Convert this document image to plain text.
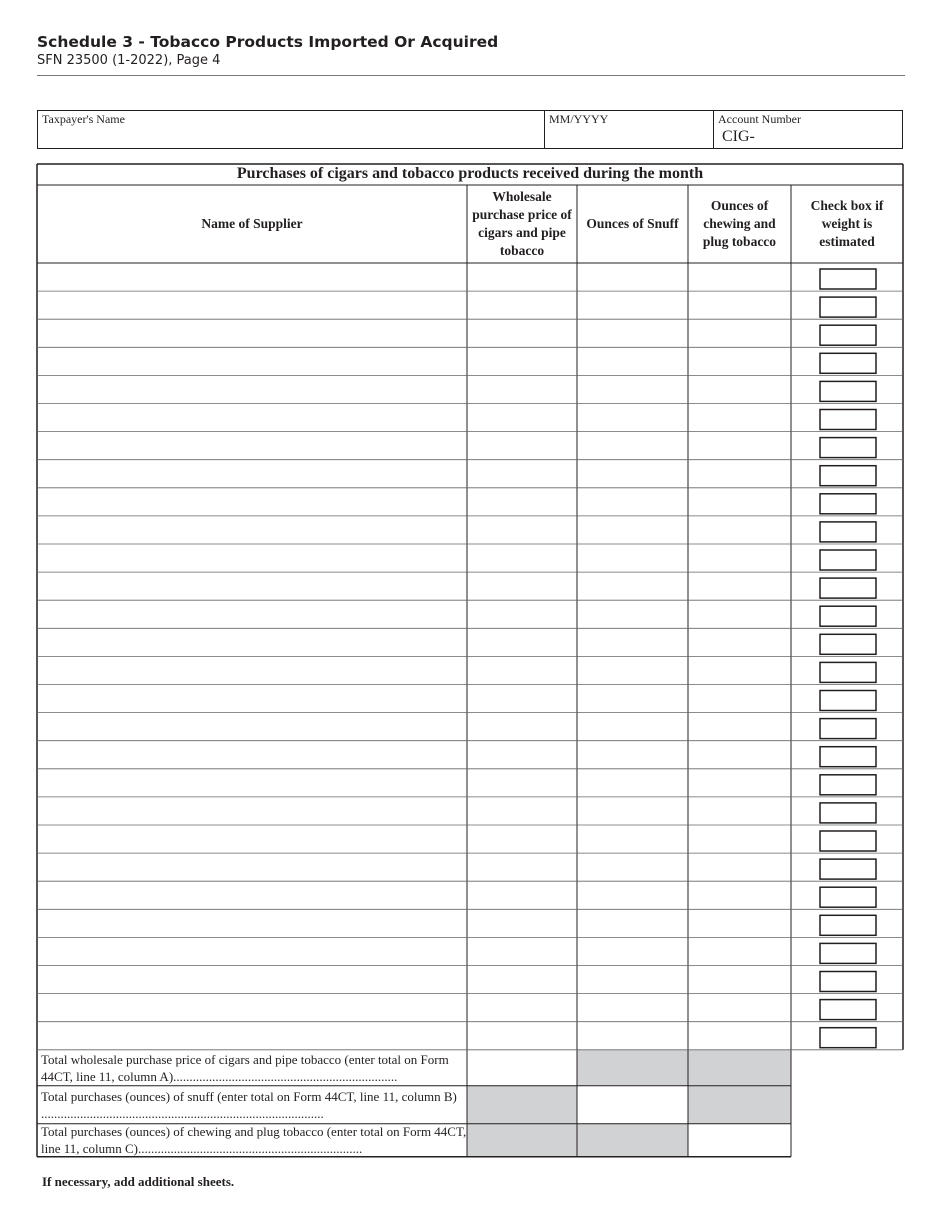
Schedule 3 - Tobacco Products Imported Or Acquired
SFN 23500 (1-2022), Page 4
Taxpayer's Name	MM/YYYY	Account Number
CIG-
Purchases of cigars and tobacco products received during the month
Name of Supplier
Wholesale purchase price of cigars and pipe tobacco
Ounces of Snuff
Ounces of chewing and plug tobacco
Check box if weight is estimated
Total wholesale purchase price of cigars and pipe tobacco (enter total on Form 44CT, line 11, column A).....................................................................
Total purchases (ounces) of snuff (enter total on Form 44CT, line 11, column B) .......................................................................................
Total purchases (ounces) of chewing and plug tobacco (enter total on Form 44CT, line 11, column C).....................................................................
If necessary, add additional sheets.
